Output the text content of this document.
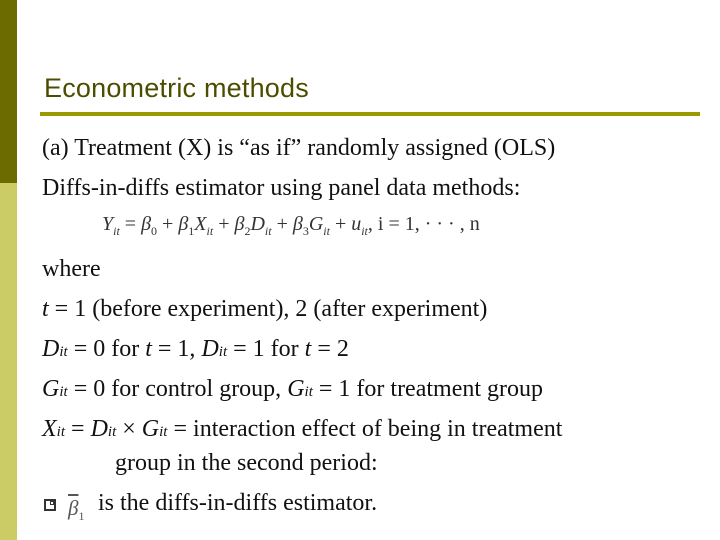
Econometric methods
(a) Treatment (X) is “as if” randomly assigned (OLS)
Diffs-in-diffs estimator using panel data methods:
$Y_{it} = \beta_0 + \beta_1X_{it} + \beta_2D_{it} + \beta_3G_{it} + u_{it}$, i = 1, · · · , n
where
t = 1 (before experiment), 2 (after experiment)
Dit = 0 for t = 1, Dit = 1 for t = 2
Git = 0 for control group, Git = 1 for treatment group
Xit = Dit × Git = interaction effect of being in treatment
group in the second period:
$\overline{\beta}_1$
is the diffs-in-diffs estimator.
